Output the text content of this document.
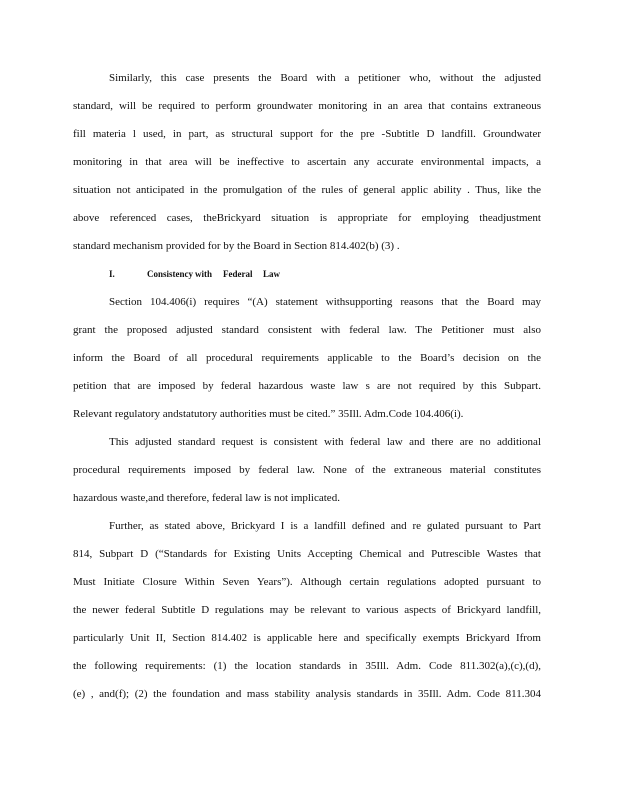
Similarly, this case presents the Board with a petitioner who, without the adjusted
standard, will be required to perform groundwater monitoring in an area that contains extraneous
fill materia l used, in part, as structural support for the pre -Subtitle D landfill. Groundwater
monitoring in that area will be ineffective to ascertain any accurate environmental impacts, a
situation not anticipated in the promulgation of the rules of general applic ability . Thus, like the
above referenced cases, theBrickyard situation is appropriate for employing theadjustment
standard mechanism provided for by the Board in Section 814.402(b) (3) .
I.	Consistency with Federal Law
Section 104.406(i) requires “(A) statement withsupporting reasons that the Board may
grant the proposed adjusted standard consistent with federal law. The Petitioner must also
inform the Board of all procedural requirements applicable to the Board’s decision on the
petition that are imposed by federal hazardous waste law s are not required by this Subpart.
Relevant regulatory andstatutory authorities must be cited.” 35Ill. Adm.Code 104.406(i).
This adjusted standard request is consistent with federal law and there are no additional
procedural requirements imposed by federal law. None of the extraneous material constitutes
hazardous waste,and therefore, federal law is not implicated.
Further, as stated above, Brickyard I is a landfill defined and re gulated pursuant to Part
814, Subpart D (“Standards for Existing Units Accepting Chemical and Putrescible Wastes that
Must Initiate Closure Within Seven Years”). Although certain regulations adopted pursuant to
the newer federal Subtitle D regulations may be relevant to various aspects of Brickyard landfill,
particularly Unit II, Section 814.402 is applicable here and specifically exempts Brickyard Ifrom
the following requirements: (1) the location standards in 35Ill. Adm. Code 811.302(a),(c),(d),
(e) , and(f); (2) the foundation and mass stability analysis standards in 35Ill. Adm. Code 811.304
